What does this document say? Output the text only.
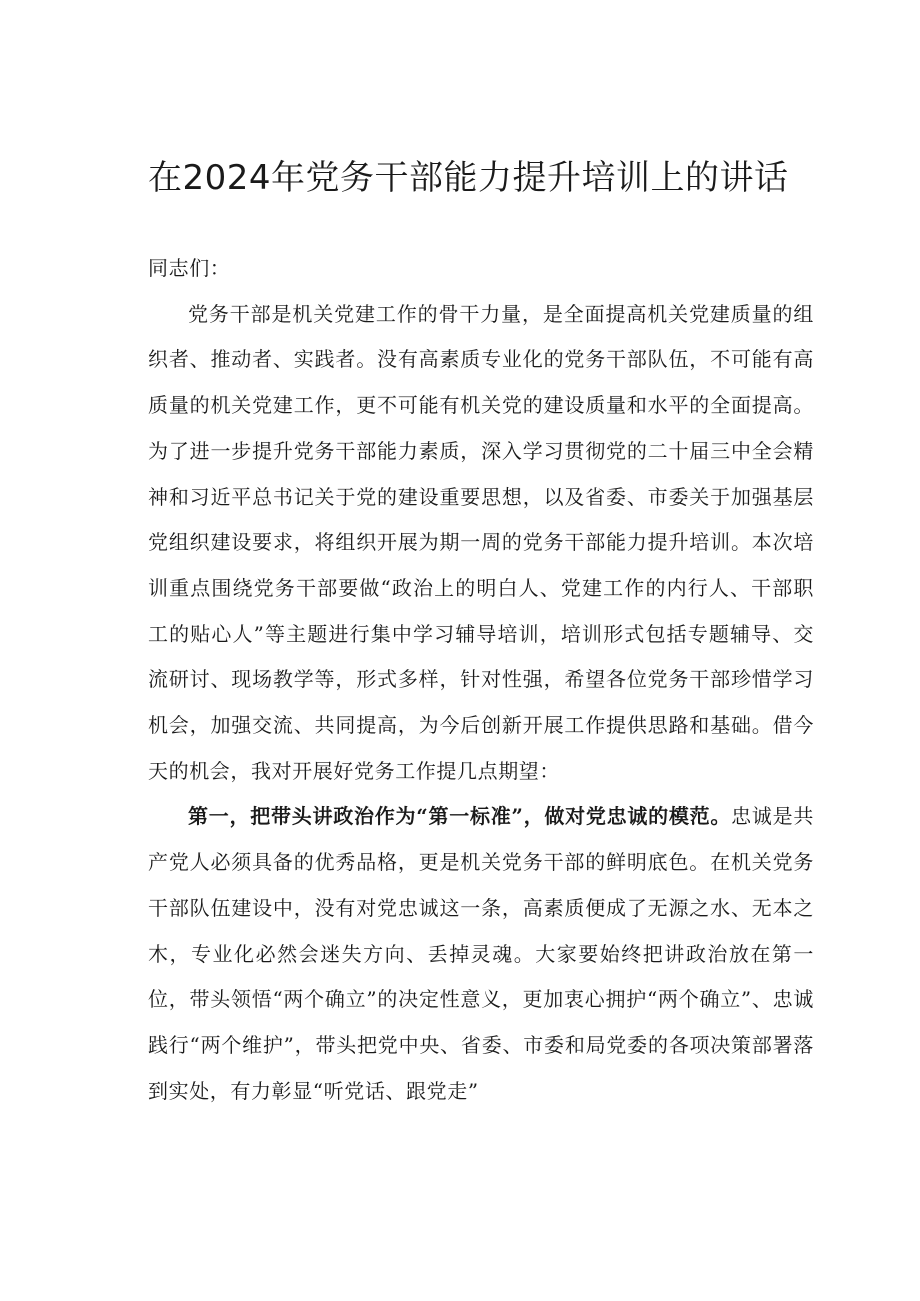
在2024年党务干部能力提升培训上的讲话

同志们：

党务干部是机关党建工作的骨干力量，是全面提高机关党建质量的组织者、推动者、实践者。没有高素质专业化的党务干部队伍，不可能有高质量的机关党建工作，更不可能有机关党的建设质量和水平的全面提高。为了进一步提升党务干部能力素质，深入学习贯彻党的二十届三中全会精神和习近平总书记关于党的建设重要思想，以及省委、市委关于加强基层党组织建设要求，将组织开展为期一周的党务干部能力提升培训。本次培训重点围绕党务干部要做“政治上的明白人、党建工作的内行人、干部职工的贴心人”等主题进行集中学习辅导培训，培训形式包括专题辅导、交流研讨、现场教学等，形式多样，针对性强，希望各位党务干部珍惜学习机会，加强交流、共同提高，为今后创新开展工作提供思路和基础。借今天的机会，我对开展好党务工作提几点期望：

第一，把带头讲政治作为“第一标准”，做对党忠诚的模范。忠诚是共产党人必须具备的优秀品格，更是机关党务干部的鲜明底色。在机关党务干部队伍建设中，没有对党忠诚这一条，高素质便成了无源之水、无本之木，专业化必然会迷失方向、丢掉灵魂。大家要始终把讲政治放在第一位，带头领悟“两个确立”的决定性意义，更加衷心拥护“两个确立”、忠诚践行“两个维护”，带头把党中央、省委、市委和局党委的各项决策部署落到实处，有力彰显“听党话、跟党走”
